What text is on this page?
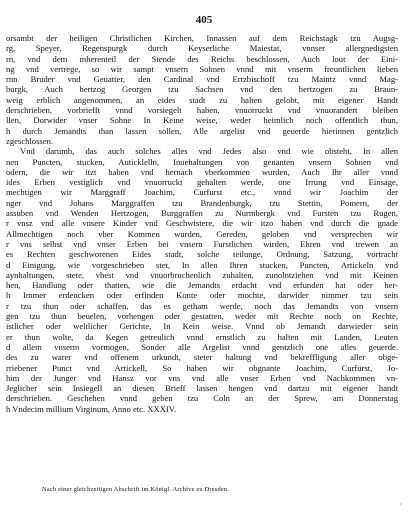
405
orsambt der heiligen Christlichen Kirchen, Innassen auf dem Reichstagk tzu Augsg-
rg, Speyer, Regenspurgk durch Keyserliche Maiestat, vnnser allergnedigsten
rn, vnd dem mherenteil der Stende des Reichs beschlossen, Auch lout der Eini-
ng vnd vertrege, so wir sampt vnsern Sohnen vnnd mit vnserm freuntlichen lieben
rnn Bruder vnd Geuatter, den Cardinal vnd Ertzbischoff tzu Maintz vnnd Mag-
burgk, Auch hertzog Georgen tzu Sachsen vnd den hertzogen zu Braun-
weig erblich angenommen, an eides stadt zu halten gelobt, mit eigener Handt
derschrieben, vorbriefft vnnd vorsiegelt haben, vnuorruckt vnd vnuorandert bleiben
llen, Dorwider vnser Sohne In Keine weise, weder heimlich noch offentlich thun,
h durch Jemandts than lassen sollen, Alle argelist vnd geuerde hierinnen gentzlich
zgeschlossen.
Vnd darumb, das auch solches alles vnd Jedes also vnd wie obsteht, In allen
nen Puncten, stucken, Auticklelln, Inuehaltungen von genanten vnsern Sohnen vnd
odern, die wir itzt haben vnd hernach vberkommen wurden, Auch Ihr aller vnnd
ides Erben vestiglich vnd vnuorruckt gehalten werde, one Irrung vnd Einsage,
mechtigen wir Marggraff Joachim, Curfurst etc., vnnd wir Joachim der
nger vnd Johans Marggraffen tzu Brandenburgk, tzu Stettin, Pomern, der
assuben vnd Wenden Hertzogen, Burggraffen zu Nurmbergk vnd Fursten tzu Rugen,
r vnsz vnd alle vnsere Kinder vnd Geschwistere, die wir itzo haben vnd durch die gnade
Allmechtigen noch vber Kommen wurden, Gereden, geloben vnd versprechen wir
r vns selbst vnd vnser Erben bei vnsern Furstlichen wirden, Ehren vnd trewen an
es Rechten geschworenen Eides stadt, solche teilunge, Ordnung, Satzung, vortracht
d Einigung, wie vorgeschrieben stet, In allen Ihren stucken, Puncten, Artickeln vnd
aynhaltungen, stete, vhest vnd vnuorbruchenlich zuhalten, zunolntziehen vnd mit Keinen
hen, Handlung oder thatten, wie die Jemandts erdacht vnd erfunden hat oder her-
h Immer erdencken oder erfinden Konte oder mochte, darwider nimmer tzu sein
r tzu thun oder schaffen, das es getham werde, noch das Jemandts von vnsern
gen tzu thun beuelen, vorhengen oder gestatten, weder mit Rechte noch on Rechte,
istlicher oder weltlicher Gerichte, In Kein weise. Vnnd ob Jemandt darwieder sein
er thun wolte, da Kegen getreulich vnnd ernstlich zu halten mit Landen, Leuten
d allem vnserm vormogen, Sonder alle Argelist vnnd gentzlich one alles geuerde.
des zu warer vnd offenem urkundt, steter haltung vnd bekreffligung aller obge-
rriebener Punct vnd Artickell, So haben wir obgnante Joachim, Curfurst, Jo-
him der Junger vnd Hansz vor vns vnd alle vnser Erben vnd Nachkommen vn-
Jeglicher sein Insiegell an diesen Brieff lassen hengen vnd dartzu mit eigener handt
derschrieben. Geschehen vnnd geben tzu Coln an der Sprew, am Donnerstag
h Vndecim millium Virginum, Anno etc. XXXIV.
Nach einer gleichzeitigen Abschrift im Königl. Archive zu Dresden.
·
